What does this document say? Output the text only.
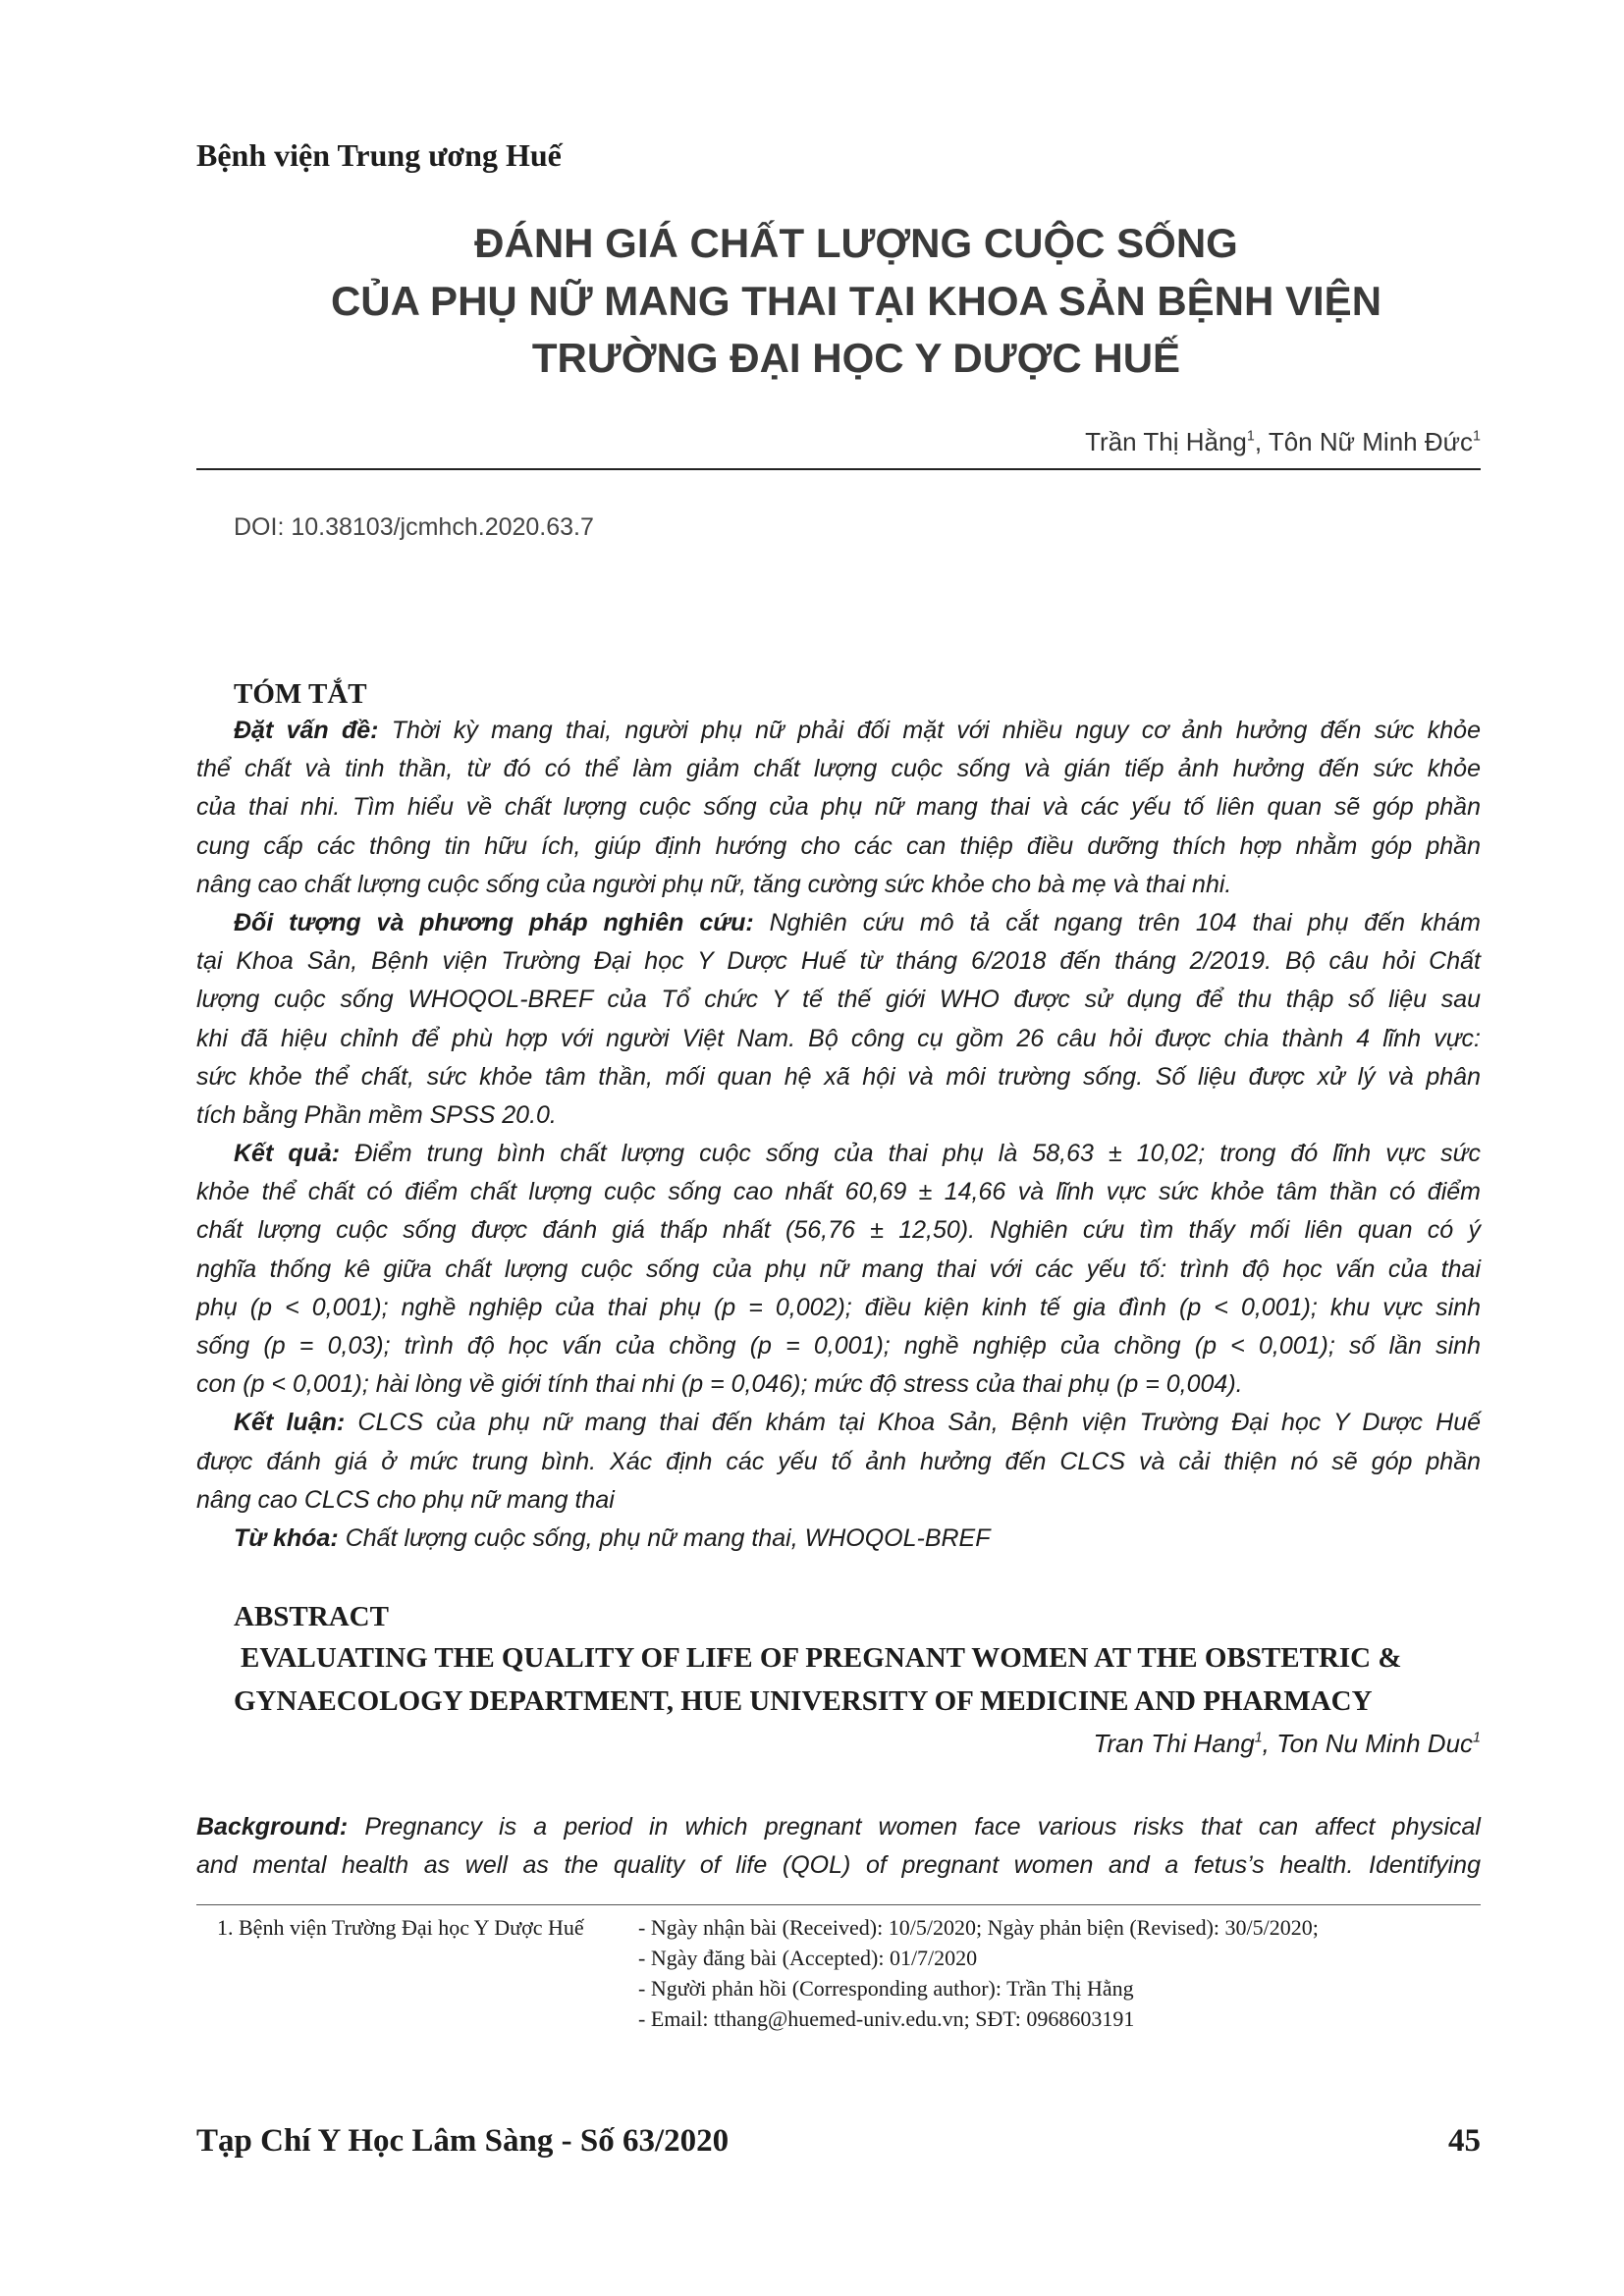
Bệnh viện Trung ương Huế
ĐÁNH GIÁ CHẤT LƯỢNG CUỘC SỐNG
CỦA PHỤ NỮ MANG THAI TẠI KHOA SẢN BỆNH VIỆN
TRƯỜNG ĐẠI HỌC Y DƯỢC HUẾ
Trần Thị Hằng$^1$, Tôn Nữ Minh Đức$^1$
DOI: 10.38103/jcmhch.2020.63.7
TÓM TẮT
Đặt vấn đề: Thời kỳ mang thai, người phụ nữ phải đối mặt với nhiều nguy cơ ảnh hưởng đến sức khỏe
thể chất và tinh thần, từ đó có thể làm giảm chất lượng cuộc sống và gián tiếp ảnh hưởng đến sức khỏe
của thai nhi. Tìm hiểu về chất lượng cuộc sống của phụ nữ mang thai và các yếu tố liên quan sẽ góp phần
cung cấp các thông tin hữu ích, giúp định hướng cho các can thiệp điều dưỡng thích hợp nhằm góp phần
nâng cao chất lượng cuộc sống của người phụ nữ, tăng cường sức khỏe cho bà mẹ và thai nhi.
Đối tượng và phương pháp nghiên cứu: Nghiên cứu mô tả cắt ngang trên 104 thai phụ đến khám
tại Khoa Sản, Bệnh viện Trường Đại học Y Dược Huế từ tháng 6/2018 đến tháng 2/2019. Bộ câu hỏi Chất
lượng cuộc sống WHOQOL-BREF của Tổ chức Y tế thế giới WHO được sử dụng để thu thập số liệu sau
khi đã hiệu chỉnh để phù hợp với người Việt Nam. Bộ công cụ gồm 26 câu hỏi được chia thành 4 lĩnh vực:
sức khỏe thể chất, sức khỏe tâm thần, mối quan hệ xã hội và môi trường sống. Số liệu được xử lý và phân
tích bằng Phần mềm SPSS 20.0.
Kết quả: Điểm trung bình chất lượng cuộc sống của thai phụ là 58,63 ± 10,02; trong đó lĩnh vực sức
khỏe thể chất có điểm chất lượng cuộc sống cao nhất 60,69 ± 14,66 và lĩnh vực sức khỏe tâm thần có điểm
chất lượng cuộc sống được đánh giá thấp nhất (56,76 ± 12,50). Nghiên cứu tìm thấy mối liên quan có ý
nghĩa thống kê giữa chất lượng cuộc sống của phụ nữ mang thai với các yếu tố: trình độ học vấn của thai
phụ (p < 0,001); nghề nghiệp của thai phụ (p = 0,002); điều kiện kinh tế gia đình (p < 0,001); khu vực sinh
sống (p = 0,03); trình độ học vấn của chồng (p = 0,001); nghề nghiệp của chồng (p < 0,001); số lần sinh
con (p < 0,001); hài lòng về giới tính thai nhi (p = 0,046); mức độ stress của thai phụ (p = 0,004).
Kết luận: CLCS của phụ nữ mang thai đến khám tại Khoa Sản, Bệnh viện Trường Đại học Y Dược Huế
được đánh giá ở mức trung bình. Xác định các yếu tố ảnh hưởng đến CLCS và cải thiện nó sẽ góp phần
nâng cao CLCS cho phụ nữ mang thai
Từ khóa: Chất lượng cuộc sống, phụ nữ mang thai, WHOQOL-BREF
ABSTRACT
EVALUATING THE QUALITY OF LIFE OF PREGNANT WOMEN AT THE OBSTETRIC &
GYNAECOLOGY DEPARTMENT, HUE UNIVERSITY OF MEDICINE AND PHARMACY
Tran Thi Hang$^1$, Ton Nu Minh Duc$^1$
Background: Pregnancy is a period in which pregnant women face various risks that can affect physical
and mental health as well as the quality of life (QOL) of pregnant women and a fetus’s health. Identifying
1. Bệnh viện Trường Đại học Y Dược Huế	- Ngày nhận bài (Received): 10/5/2020; Ngày phản biện (Revised): 30/5/2020;
- Ngày đăng bài (Accepted): 01/7/2020
- Người phản hồi (Corresponding author): Trần Thị Hằng
- Email: tthang@huemed-univ.edu.vn; SĐT: 0968603191
Tạp Chí Y Học Lâm Sàng - Số 63/2020	45
